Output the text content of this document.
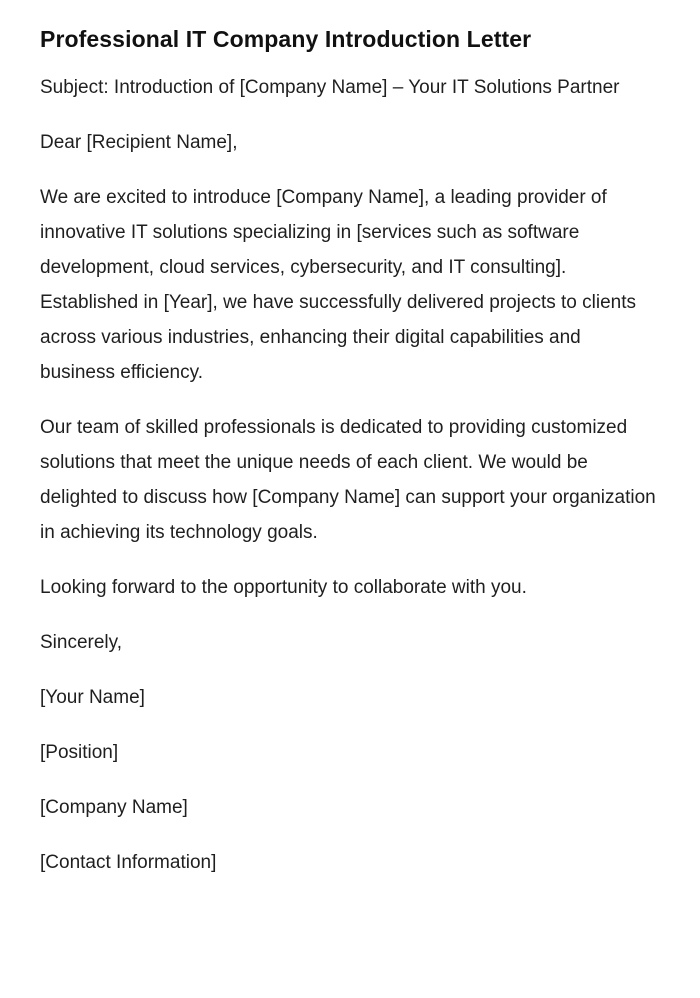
Professional IT Company Introduction Letter

Subject: Introduction of [Company Name] – Your IT Solutions Partner

Dear [Recipient Name],

We are excited to introduce [Company Name], a leading provider of innovative IT solutions specializing in [services such as software development, cloud services, cybersecurity, and IT consulting]. Established in [Year], we have successfully delivered projects to clients across various industries, enhancing their digital capabilities and business efficiency.

Our team of skilled professionals is dedicated to providing customized solutions that meet the unique needs of each client. We would be delighted to discuss how [Company Name] can support your organization in achieving its technology goals.

Looking forward to the opportunity to collaborate with you.

Sincerely,

[Your Name]

[Position]

[Company Name]

[Contact Information]
